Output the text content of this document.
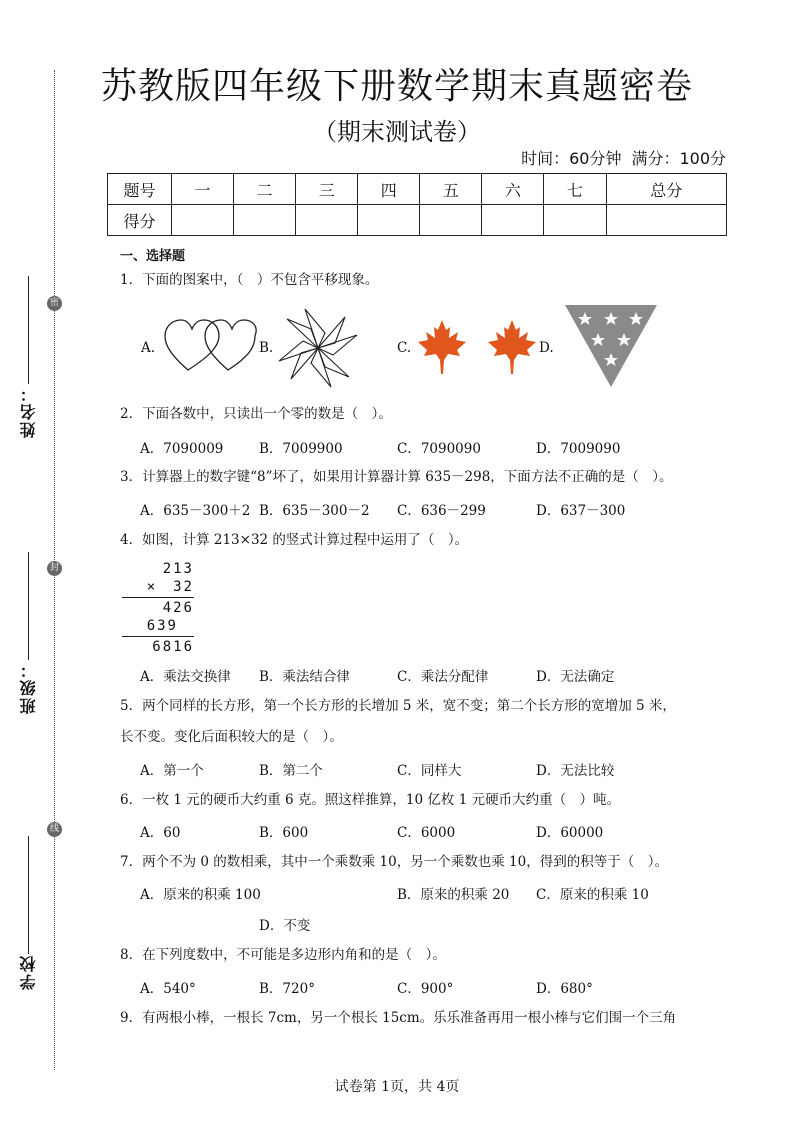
密
封
线
姓名：
班级：
学校
苏教版四年级下册数学期末真题密卷
（期末测试卷）
时间：60分钟 满分：100分
题号	一	二	三	四	五	六	七	总分
得分								
一、选择题
1．下面的图案中，（　）不包含平移现象。
A.	B.	C.	D.
2．下面各数中，只读出一个零的数是（　）。
A．7090009	B．7009900	C．7090090	D．7009090
3．计算器上的数字键“8”坏了，如果用计算器计算 635－298，下面方法不正确的是（　）。
A．635－300＋2 B．635－300－2 C．636－299	D．637－300
4．如图，计算 213×32 的竖式计算过程中运用了（　）。
213
×　32
426
639
6816
A．乘法交换律 B．乘法结合律	C．乘法分配律	D．无法确定
5．两个同样的长方形，第一个长方形的长增加 5 米，宽不变；第二个长方形的宽增加 5 米，
长不变。变化后面积较大的是（　）。
A．第一个	B．第二个	C．同样大	D．无法比较
6．一枚 1 元的硬币大约重 6 克。照这样推算，10 亿枚 1 元硬币大约重（　）吨。
A．60	B．600	C．6000	D．60000
7．两个不为 0 的数相乘，其中一个乘数乘 10，另一个乘数也乘 10，得到的积等于（　）。
A．原来的积乘 100	B．原来的积乘 20 C．原来的积乘 10
D．不变
8．在下列度数中，不可能是多边形内角和的是（　）。
A．540°	B．720°	C．900°	D．680°
9．有两根小棒，一根长 7cm，另一个根长 15cm。乐乐准备再用一根小棒与它们围一个三角
试卷第 1页，共 4页
